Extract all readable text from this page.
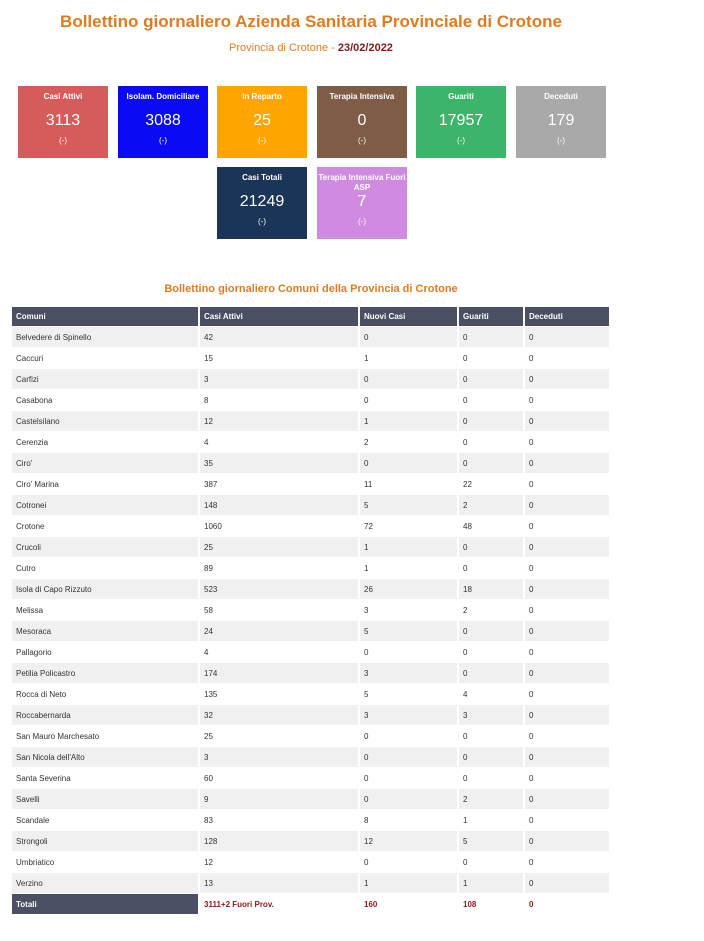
Bollettino giornaliero Azienda Sanitaria Provinciale di Crotone
Provincia di Crotone - 23/02/2022
Casi Attivi
3113
(-)
Isolam. Domiciliare
3088
(-)
In Reparto
25
(-)
Terapia Intensiva
0
(-)
Guariti
17957
(-)
Deceduti
179
(-)
Casi Totali
21249
(-)
Terapia Intensiva Fuori ASP
7
(-)
Bollettino giornaliero Comuni della Provincia di Crotone
Comuni	Casi Attivi	Nuovi Casi	Guariti	Deceduti
Belvedere di Spinello	42	0	0	0
Caccuri	15	1	0	0
Carfizi	3	0	0	0
Casabona	8	0	0	0
Castelsilano	12	1	0	0
Cerenzia	4	2	0	0
Ciro'	35	0	0	0
Ciro' Marina	387	11	22	0
Cotronei	148	5	2	0
Crotone	1060	72	48	0
Crucoli	25	1	0	0
Cutro	89	1	0	0
Isola di Capo Rizzuto	523	26	18	0
Melissa	58	3	2	0
Mesoraca	24	5	0	0
Pallagorio	4	0	0	0
Petilia Policastro	174	3	0	0
Rocca di Neto	135	5	4	0
Roccabernarda	32	3	3	0
San Mauro Marchesato	25	0	0	0
San Nicola dell'Alto	3	0	0	0
Santa Severina	60	0	0	0
Savelli	9	0	2	0
Scandale	83	8	1	0
Strongoli	128	12	5	0
Umbriatico	12	0	0	0
Verzino	13	1	1	0
Totali	3111+2 Fuori Prov.	160	108	0
